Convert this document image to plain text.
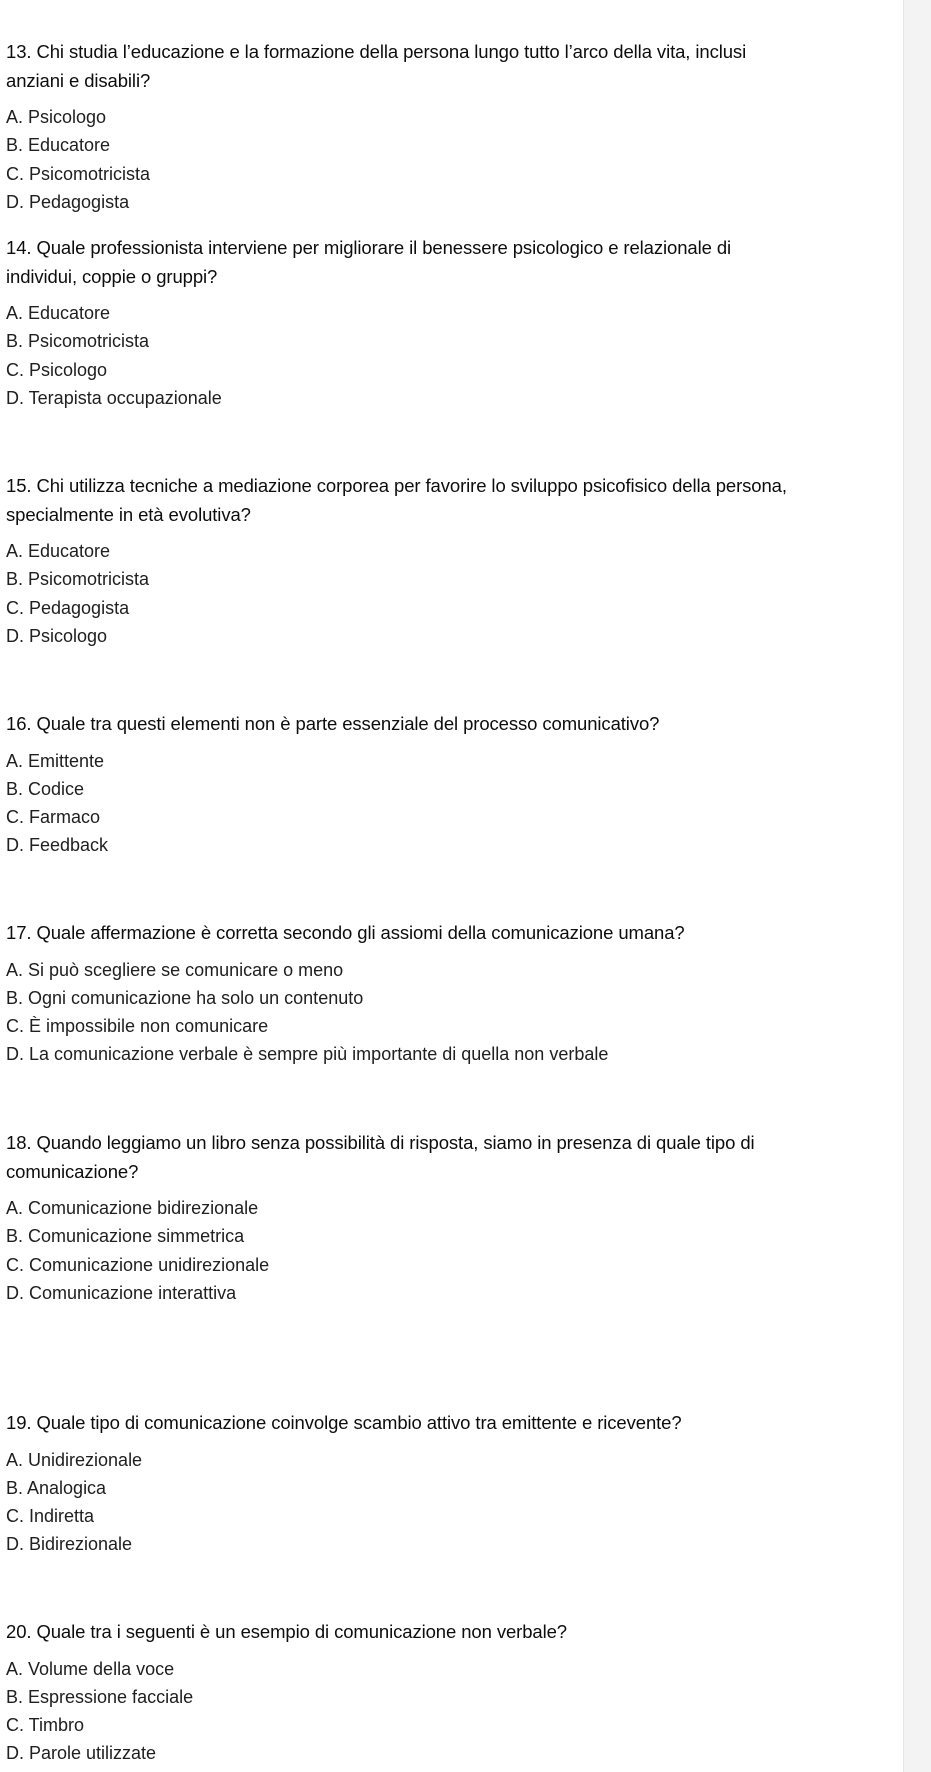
13. Chi studia l’educazione e la formazione della persona lungo tutto l’arco della vita, inclusi anziani e disabili?

A. Psicologo

B. Educatore

C. Psicomotricista

D. Pedagogista

14. Quale professionista interviene per migliorare il benessere psicologico e relazionale di individui, coppie o gruppi?

A. Educatore

B. Psicomotricista

C. Psicologo

D. Terapista occupazionale

15. Chi utilizza tecniche a mediazione corporea per favorire lo sviluppo psicofisico della persona, specialmente in età evolutiva?

A. Educatore

B. Psicomotricista

C. Pedagogista

D. Psicologo

16. Quale tra questi elementi non è parte essenziale del processo comunicativo?

A. Emittente

B. Codice

C. Farmaco

D. Feedback

17. Quale affermazione è corretta secondo gli assiomi della comunicazione umana?

A. Si può scegliere se comunicare o meno

B. Ogni comunicazione ha solo un contenuto

C. È impossibile non comunicare

D. La comunicazione verbale è sempre più importante di quella non verbale

18. Quando leggiamo un libro senza possibilità di risposta, siamo in presenza di quale tipo di comunicazione?

A. Comunicazione bidirezionale

B. Comunicazione simmetrica

C. Comunicazione unidirezionale

D. Comunicazione interattiva

19. Quale tipo di comunicazione coinvolge scambio attivo tra emittente e ricevente?

A. Unidirezionale

B. Analogica

C. Indiretta

D. Bidirezionale

20. Quale tra i seguenti è un esempio di comunicazione non verbale?

A. Volume della voce

B. Espressione facciale

C. Timbro

D. Parole utilizzate
